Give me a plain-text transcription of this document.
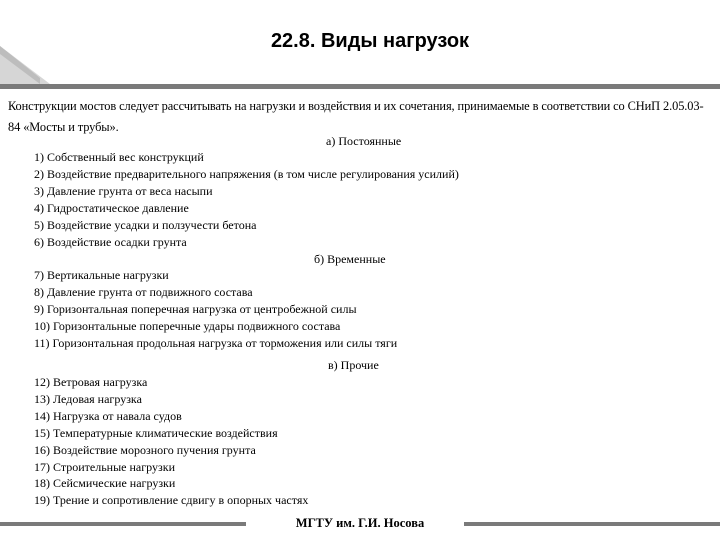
22.8. Виды нагрузок
Конструкции мостов следует рассчитывать на нагрузки и воздействия и их сочетания, принимаемые в соответствии со СНиП 2.05.03-84 «Мосты и трубы».
а) Постоянные
1) Собственный вес конструкций
2) Воздействие предварительного напряжения (в том числе регулирования усилий)
3) Давление грунта от веса насыпи
4) Гидростатическое давление
5) Воздействие усадки и ползучести бетона
6) Воздействие осадки грунта
б) Временные
7) Вертикальные нагрузки
8) Давление грунта от подвижного состава
9) Горизонтальная поперечная нагрузка от центробежной силы
10) Горизонтальные поперечные удары подвижного состава
11) Горизонтальная продольная нагрузка от торможения или силы тяги
в) Прочие
12) Ветровая нагрузка
13) Ледовая нагрузка
14) Нагрузка от навала судов
15) Температурные климатические воздействия
16) Воздействие морозного пучения грунта
17) Строительные нагрузки
18) Сейсмические нагрузки
19) Трение и сопротивление сдвигу в опорных частях
МГТУ им. Г.И. Носова
